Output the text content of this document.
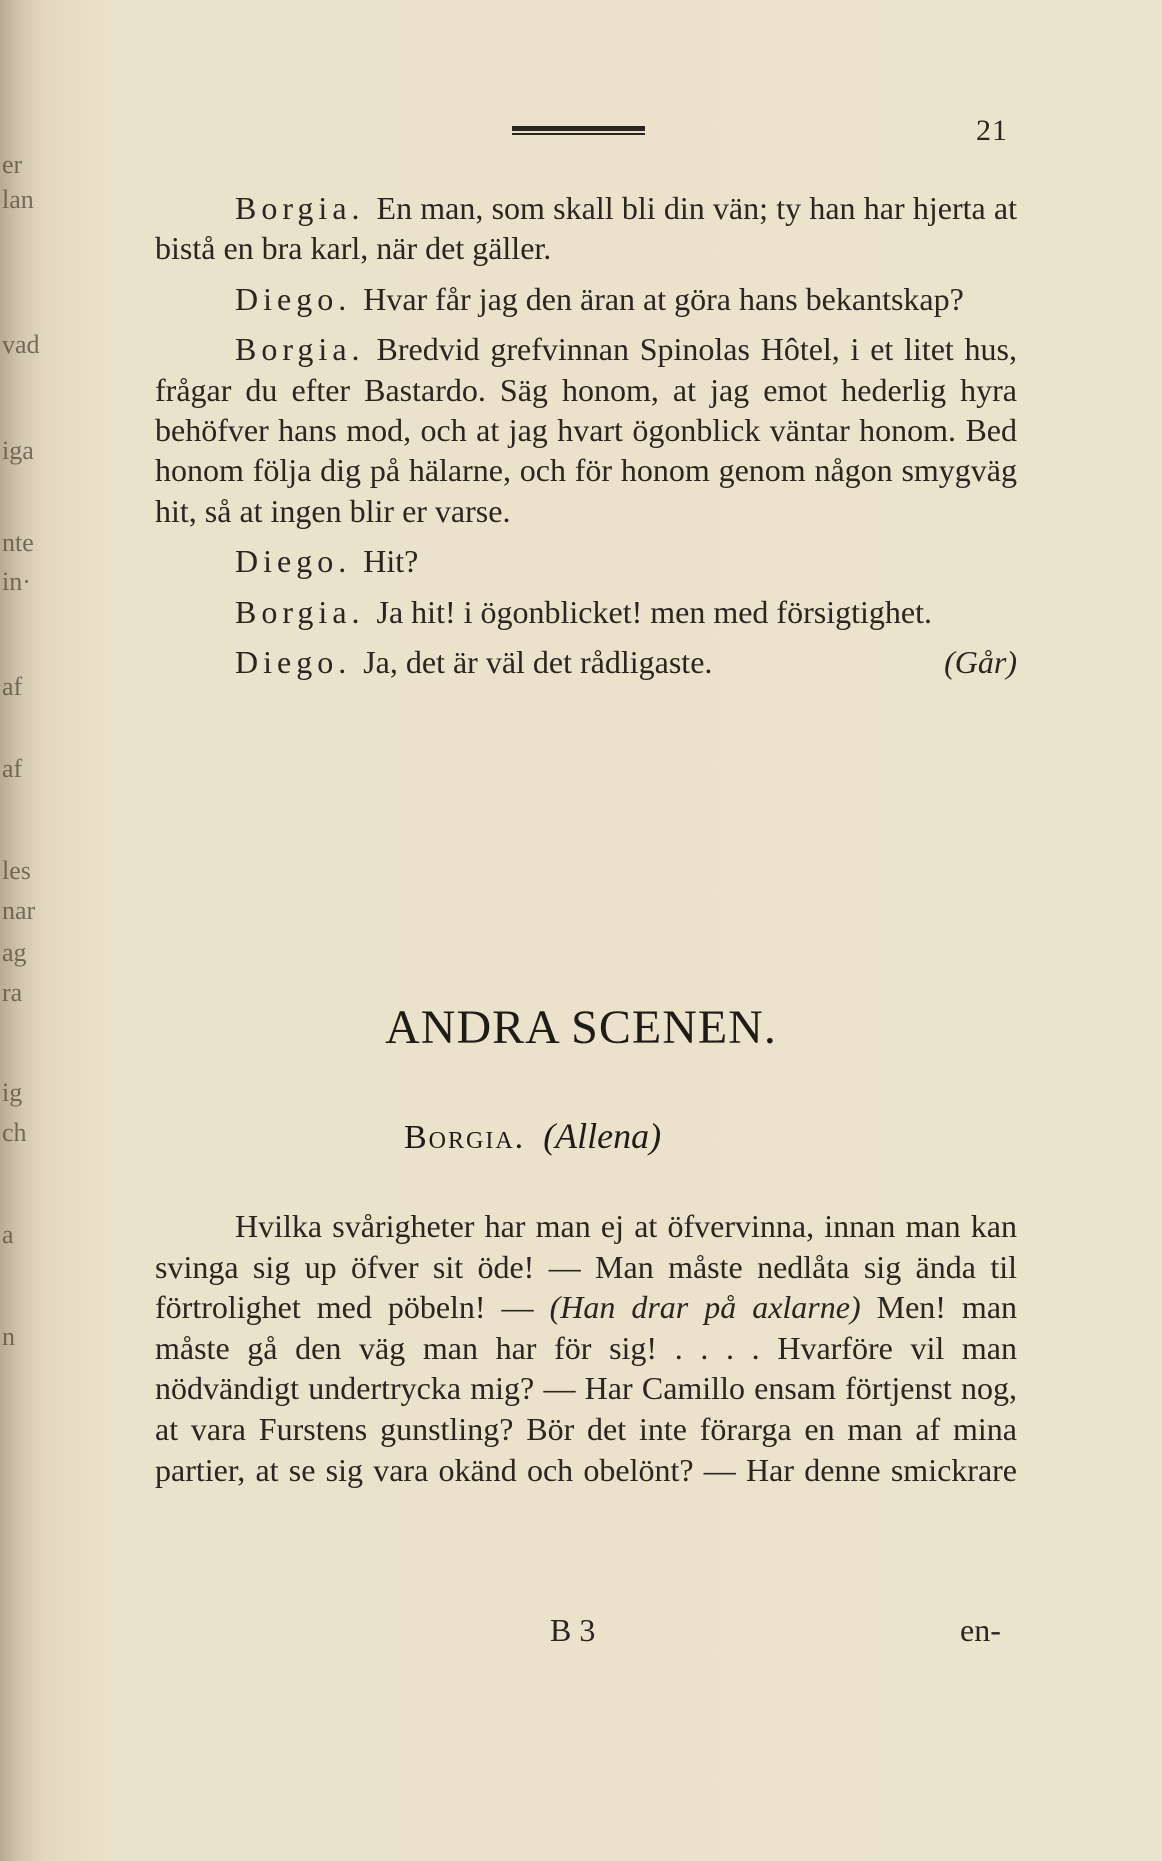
er
lan
vad
iga
nte
in·
af
af
les
nar
ag
ra
ig
ch
a
n
21

Borgia. En man, som skall bli din vän; ty han har hjerta at bistå en bra karl, när det gäller.

Diego. Hvar får jag den äran at göra hans bekantskap?

Borgia. Bredvid grefvinnan Spinolas Hôtel, i et litet hus, frågar du efter Bastardo. Säg honom, at jag emot hederlig hyra behöfver hans mod, och at jag hvart ögonblick väntar honom. Bed honom följa dig på hälarne, och för honom genom någon smygväg hit, så at ingen blir er varse.

Diego. Hit?

Borgia. Ja hit! i ögonblicket! men med försigtighet.

Diego. Ja, det är väl det rådligaste.	(Går)

ANDRA SCENEN.
Borgia. (Allena)

Hvilka svårigheter har man ej at öfvervinna, innan man kan svinga sig up öfver sit öde! — Man måste nedlåta sig ända til förtrolighet med pöbeln! — (Han drar på axlarne) Men! man måste gå den väg man har för sig! . . . . Hvarföre vil man nödvändigt undertrycka mig? — Har Camillo ensam förtjenst nog, at vara Furstens gunstling? Bör det inte förarga en man af mina partier, at se sig vara okänd och obelönt? — Har denne smickrare

B 3	en-
